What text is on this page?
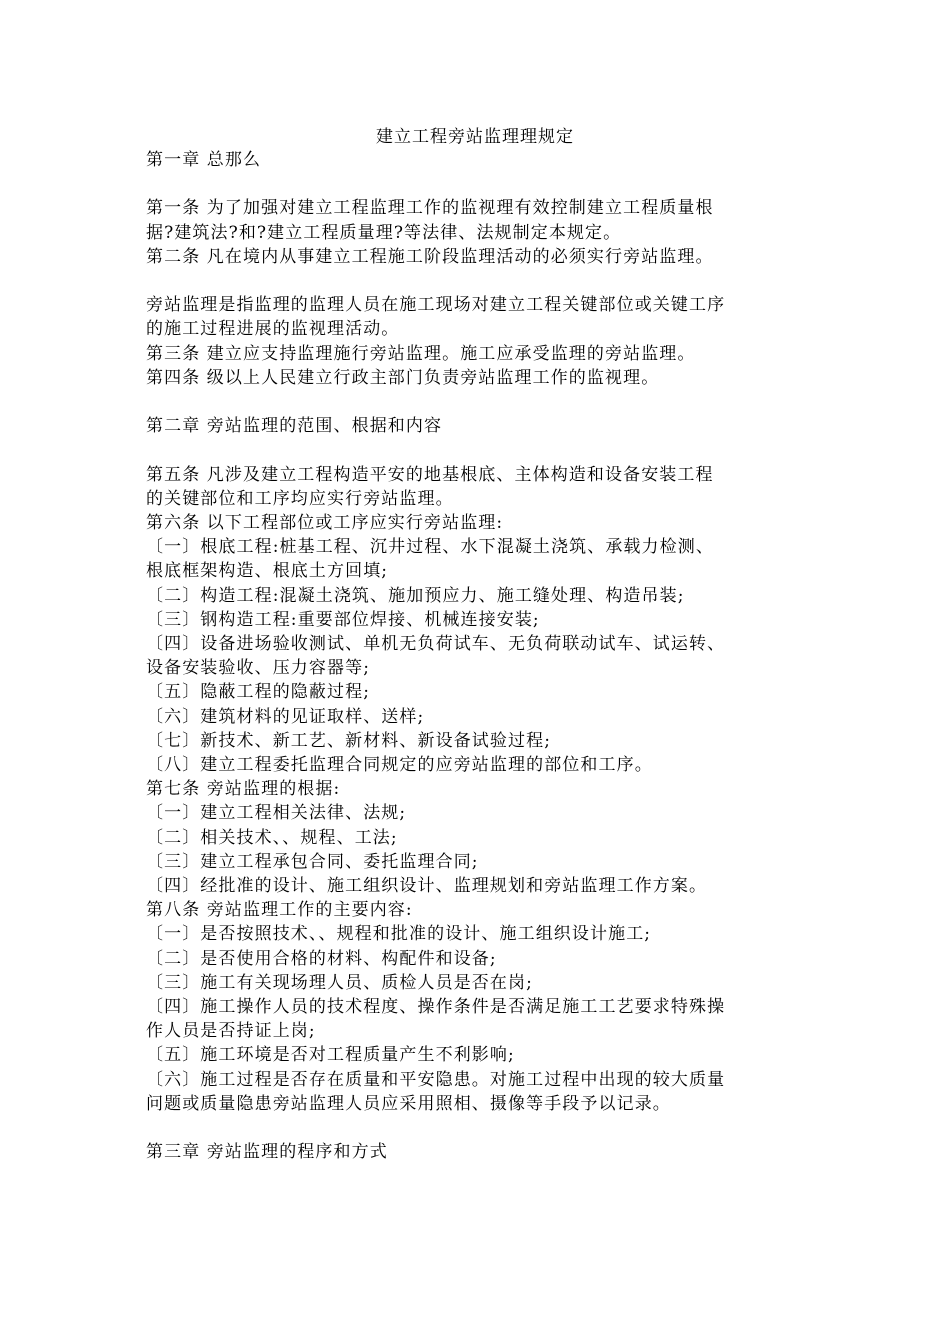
建立工程旁站监理理规定

第一章 总那么

第一条 为了加强对建立工程监理工作的监视理有效控制建立工程质量根

据?建筑法?和?建立工程质量理?等法律、法规制定本规定。

第二条 凡在境内从事建立工程施工阶段监理活动的必须实行旁站监理。

旁站监理是指监理的监理人员在施工现场对建立工程关键部位或关键工序

的施工过程进展的监视理活动。

第三条 建立应支持监理施行旁站监理。施工应承受监理的旁站监理。

第四条 级以上人民建立行政主部门负责旁站监理工作的监视理。

第二章 旁站监理的范围、根据和内容

第五条 凡涉及建立工程构造平安的地基根底、主体构造和设备安装工程

的关键部位和工序均应实行旁站监理。

第六条 以下工程部位或工序应实行旁站监理:

〔一〕根底工程:桩基工程、沉井过程、水下混凝土浇筑、承载力检测、

根底框架构造、根底土方回填;

〔二〕构造工程:混凝土浇筑、施加预应力、施工缝处理、构造吊装;

〔三〕钢构造工程:重要部位焊接、机械连接安装;

〔四〕设备进场验收测试、单机无负荷试车、无负荷联动试车、试运转、

设备安装验收、压力容器等;

〔五〕隐蔽工程的隐蔽过程;

〔六〕建筑材料的见证取样、送样;

〔七〕新技术、新工艺、新材料、新设备试验过程;

〔八〕建立工程委托监理合同规定的应旁站监理的部位和工序。

第七条 旁站监理的根据:

〔一〕建立工程相关法律、法规;

〔二〕相关技术、、规程、工法;

〔三〕建立工程承包合同、委托监理合同;

〔四〕经批准的设计、施工组织设计、监理规划和旁站监理工作方案。

第八条 旁站监理工作的主要内容:

〔一〕是否按照技术、、规程和批准的设计、施工组织设计施工;

〔二〕是否使用合格的材料、构配件和设备;

〔三〕施工有关现场理人员、质检人员是否在岗;

〔四〕施工操作人员的技术程度、操作条件是否满足施工工艺要求特殊操

作人员是否持证上岗;

〔五〕施工环境是否对工程质量产生不利影响;

〔六〕施工过程是否存在质量和平安隐患。对施工过程中出现的较大质量

问题或质量隐患旁站监理人员应采用照相、摄像等手段予以记录。

第三章 旁站监理的程序和方式
